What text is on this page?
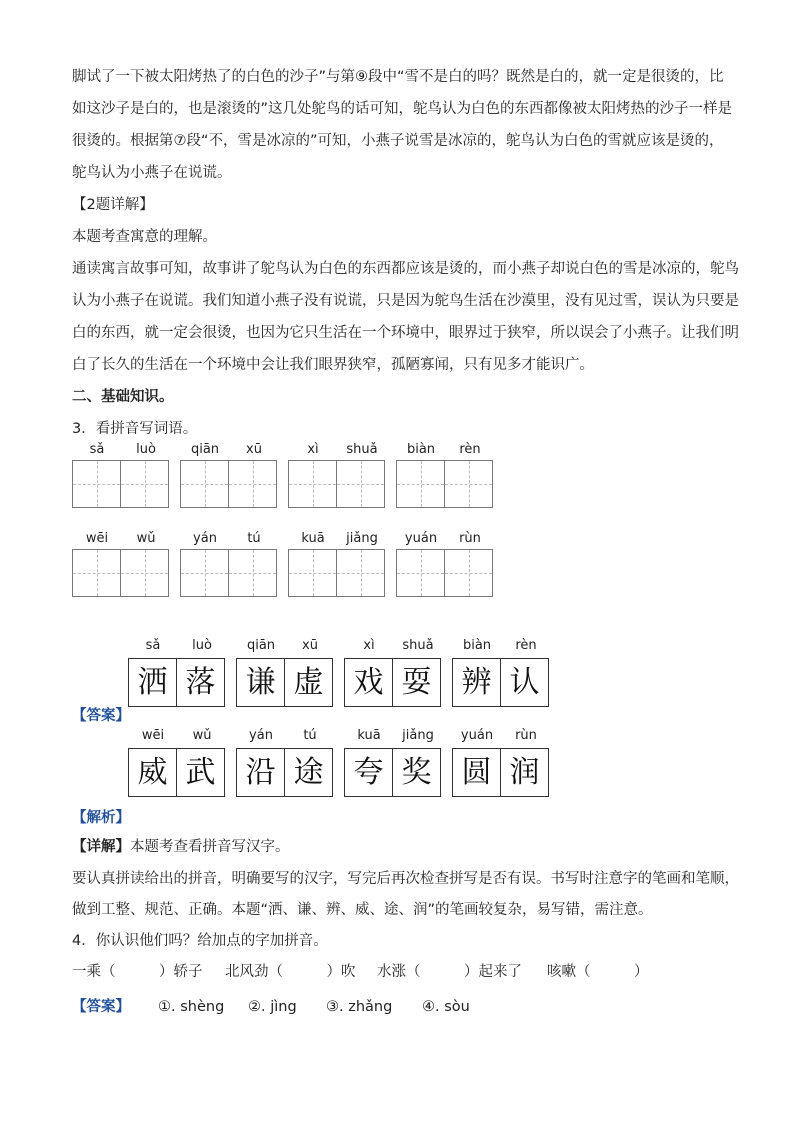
脚试了一下被太阳烤热了的白色的沙子”与第⑨段中“雪不是白的吗？既然是白的，就一定是很烫的，比
如这沙子是白的，也是滚烫的”这几处鸵鸟的话可知，鸵鸟认为白色的东西都像被太阳烤热的沙子一样是
很烫的。根据第⑦段“不，雪是冰凉的”可知，小燕子说雪是冰凉的，鸵鸟认为白色的雪就应该是烫的，
鸵鸟认为小燕子在说谎。
【2题详解】
本题考查寓意的理解。
通读寓言故事可知，故事讲了鸵鸟认为白色的东西都应该是烫的，而小燕子却说白色的雪是冰凉的，鸵鸟
认为小燕子在说谎。我们知道小燕子没有说谎，只是因为鸵鸟生活在沙漠里，没有见过雪，误认为只要是
白的东西，就一定会很烫，也因为它只生活在一个环境中，眼界过于狭窄，所以误会了小燕子。让我们明
白了长久的生活在一个环境中会让我们眼界狭窄，孤陋寡闻，只有见多才能识广。
二、基础知识。
3．看拼音写词语。
sǎ	luò	qiān	xū	xì	shuǎ	biàn	rèn
wēi	wǔ	yán	tú	kuā	jiǎng	yuán	rùn
sǎ	luò
洒 落
qiān	xū
谦 虚
xì	shuǎ
戏 耍
biàn	rèn
辨 认
【答案】
wēi	wǔ
威 武
yán	tú
沿 途
kuā	jiǎng
夸 奖
yuán	rùn
圆 润
【解析】
【详解】本题考查看拼音写汉字。
要认真拼读给出的拼音，明确要写的汉字，写完后再次检查拼写是否有误。书写时注意字的笔画和笔顺，
做到工整、规范、正确。本题“洒、谦、辨、威、途、润”的笔画较复杂，易写错，需注意。
4．你认识他们吗？给加点的字加拼音。
一乘（　　　）轿子 北风劲（　　　）吹 水涨（　　　）起来了 咳嗽（　　　）
【答案】 ①. shèng ②. jìng ③. zhǎng ④. sòu
